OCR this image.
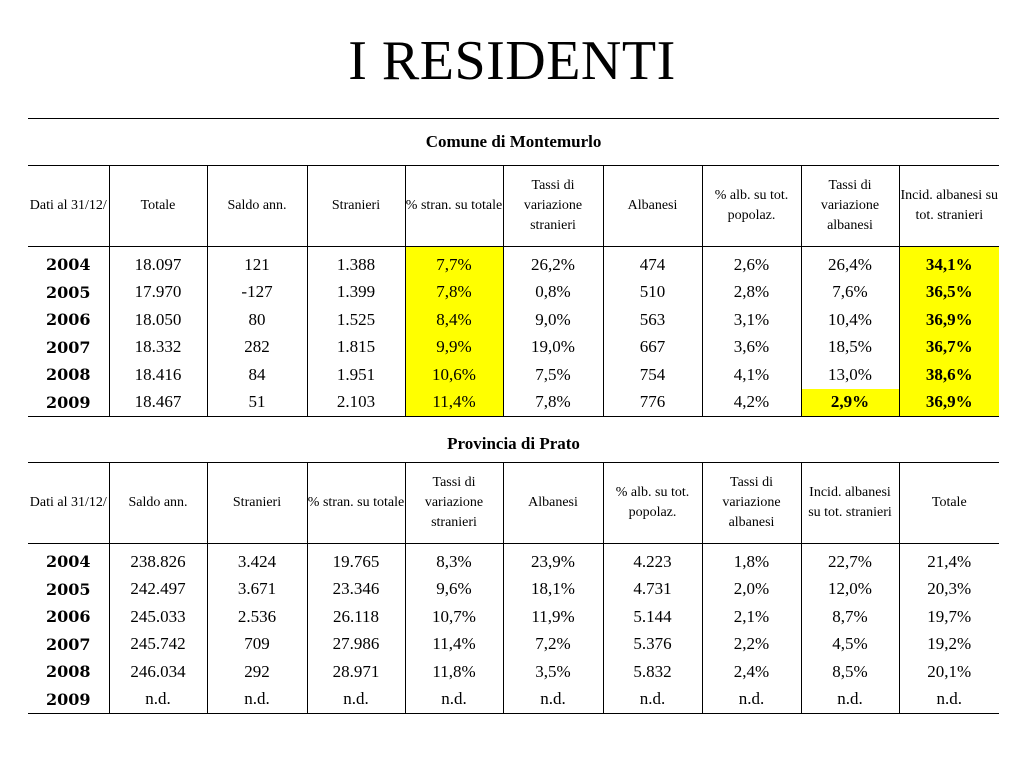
I RESIDENTI
Comune di Montemurlo									
Dati al 31/12/	Totale	Saldo ann.	Stranieri	% stran. su totale	Tassi di variazione stranieri	Albanesi	% alb. su tot. popolaz.	Tassi di variazione albanesi	Incid. albanesi su tot. stranieri
2004	18.097	121	1.388	7,7%	26,2%	474	2,6%	26,4%	34,1%
2005	17.970	-127	1.399	7,8%	0,8%	510	2,8%	7,6%	36,5%
2006	18.050	80	1.525	8,4%	9,0%	563	3,1%	10,4%	36,9%
2007	18.332	282	1.815	9,9%	19,0%	667	3,6%	18,5%	36,7%
2008	18.416	84	1.951	10,6%	7,5%	754	4,1%	13,0%	38,6%
2009	18.467	51	2.103	11,4%	7,8%	776	4,2%	2,9%	36,9%
Provincia di Prato									
Dati al 31/12/	Saldo ann.	Stranieri	% stran. su totale	Tassi di variazione stranieri	Albanesi	% alb. su tot. popolaz.	Tassi di variazione albanesi	Incid. albanesi su tot. stranieri	Totale
2004	238.826	3.424	19.765	8,3%	23,9%	4.223	1,8%	22,7%	21,4%
2005	242.497	3.671	23.346	9,6%	18,1%	4.731	2,0%	12,0%	20,3%
2006	245.033	2.536	26.118	10,7%	11,9%	5.144	2,1%	8,7%	19,7%
2007	245.742	709	27.986	11,4%	7,2%	5.376	2,2%	4,5%	19,2%
2008	246.034	292	28.971	11,8%	3,5%	5.832	2,4%	8,5%	20,1%
2009	n.d.	n.d.	n.d.	n.d.	n.d.	n.d.	n.d.	n.d.	n.d.
